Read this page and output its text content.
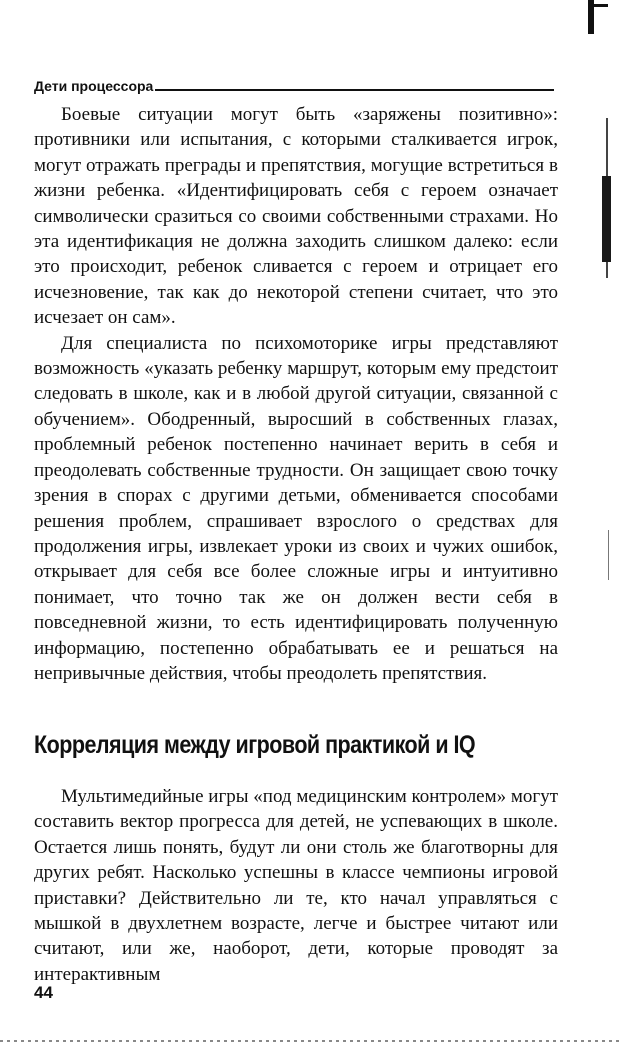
Дети процессора

Боевые ситуации могут быть «заряжены позитивно»: противники или испытания, с которыми сталкивается игрок, могут отражать преграды и препятствия, могущие встретиться в жизни ребенка. «Идентифицировать себя с героем означает символически сразиться со своими собственными страхами. Но эта идентификация не должна заходить слишком далеко: если это происходит, ребенок сливается с героем и отрицает его исчезновение, так как до некоторой степени считает, что это исчезает он сам».

Для специалиста по психомоторике игры представляют возможность «указать ребенку маршрут, которым ему предстоит следовать в школе, как и в любой другой ситуации, связанной с обучением». Ободренный, выросший в собственных глазах, проблемный ребенок постепенно начинает верить в себя и преодолевать собственные трудности. Он защищает свою точку зрения в спорах с другими детьми, обменивается способами решения проблем, спрашивает взрослого о средствах для продолжения игры, извлекает уроки из своих и чужих ошибок, открывает для себя все более сложные игры и интуитивно понимает, что точно так же он должен вести себя в повседневной жизни, то есть идентифицировать полученную информацию, постепенно обрабатывать ее и решаться на непривычные действия, чтобы преодолеть препятствия.

Корреляция между игровой практикой и IQ

Мультимедийные игры «под медицинским контролем» могут составить вектор прогресса для детей, не успевающих в школе. Остается лишь понять, будут ли они столь же благотворны для других ребят. Насколько успешны в классе чемпионы игровой приставки? Действительно ли те, кто начал управляться с мышкой в двухлетнем возрасте, легче и быстрее читают или считают, или же, наоборот, дети, которые проводят за интерактивным

44
